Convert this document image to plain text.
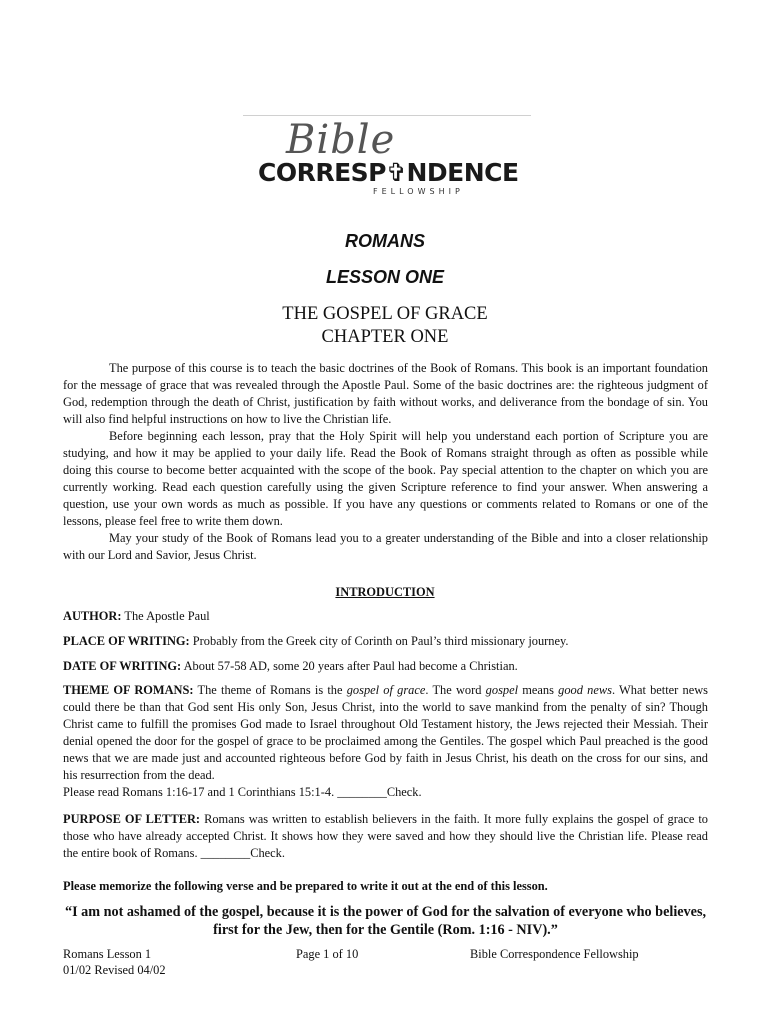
Bible
CORRESP✞NDENCE
FELLOWSHIP
ROMANS
LESSON ONE
THE GOSPEL OF GRACE
CHAPTER ONE

The purpose of this course is to teach the basic doctrines of the Book of Romans. This book is an important foundation for the message of grace that was revealed through the Apostle Paul. Some of the basic doctrines are: the righteous judgment of God, redemption through the death of Christ, justification by faith without works, and deliverance from the bondage of sin. You will also find helpful instructions on how to live the Christian life.

Before beginning each lesson, pray that the Holy Spirit will help you understand each portion of Scripture you are studying, and how it may be applied to your daily life. Read the Book of Romans straight through as often as possible while doing this course to become better acquainted with the scope of the book. Pay special attention to the chapter on which you are currently working. Read each question carefully using the given Scripture reference to find your answer. When answering a question, use your own words as much as possible. If you have any questions or comments related to Romans or one of the lessons, please feel free to write them down.

May your study of the Book of Romans lead you to a greater understanding of the Bible and into a closer relationship with our Lord and Savior, Jesus Christ.

INTRODUCTION

AUTHOR: The Apostle Paul

PLACE OF WRITING: Probably from the Greek city of Corinth on Paul’s third missionary journey.

DATE OF WRITING: About 57-58 AD, some 20 years after Paul had become a Christian.

THEME OF ROMANS: The theme of Romans is the gospel of grace. The word gospel means good news. What better news could there be than that God sent His only Son, Jesus Christ, into the world to save mankind from the penalty of sin? Though Christ came to fulfill the promises God made to Israel throughout Old Testament history, the Jews rejected their Messiah. Their denial opened the door for the gospel of grace to be proclaimed among the Gentiles. The gospel which Paul preached is the good news that we are made just and accounted righteous before God by faith in Jesus Christ, his death on the cross for our sins, and his resurrection from the dead.
Please read Romans 1:16-17 and 1 Corinthians 15:1-4. ________Check.

PURPOSE OF LETTER: Romans was written to establish believers in the faith. It more fully explains the gospel of grace to those who have already accepted Christ. It shows how they were saved and how they should live the Christian life. Please read the entire book of Romans. ________Check.

Please memorize the following verse and be prepared to write it out at the end of this lesson.

“I am not ashamed of the gospel, because it is the power of God for the salvation of everyone who believes, first for the Jew, then for the Gentile (Rom. 1:16 - NIV).”
Romans Lesson 1
01/02 Revised 04/02
Page 1 of 10	Bible Correspondence Fellowship
